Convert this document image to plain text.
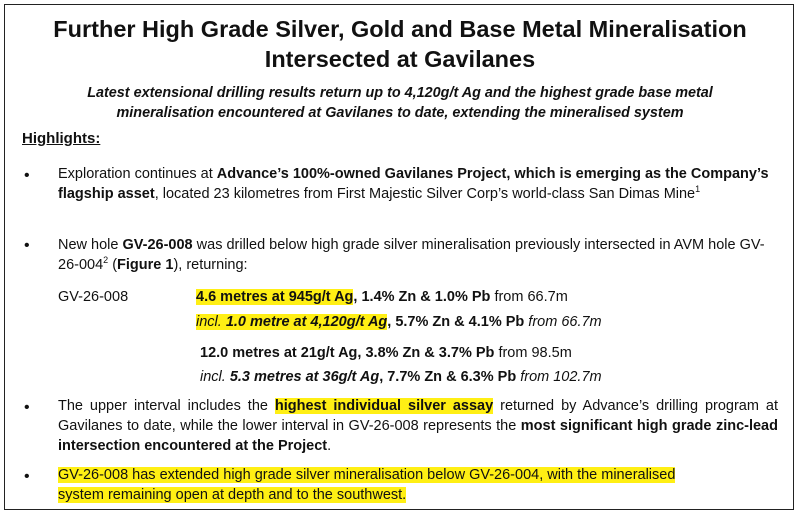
Further High Grade Silver, Gold and Base Metal Mineralisation
Intersected at Gavilanes
Latest extensional drilling results return up to 4,120g/t Ag and the highest grade base metal
mineralisation encountered at Gavilanes to date, extending the mineralised system
Highlights:
• Exploration continues at Advance’s 100%-owned Gavilanes Project, which is emerging as the Company’s flagship asset, located 23 kilometres from First Majestic Silver Corp’s world-class San Dimas Mine$^1$
• New hole GV-26-008 was drilled below high grade silver mineralisation previously intersected in AVM hole $GV-26-004^2$ (Figure 1), returning:
GV-26-008	4.6 metres at 945g/t Ag, 1.4% Zn & 1.0% Pb from 66.7m
incl. 1.0 metre at 4,120g/t Ag, 5.7% Zn & 4.1% Pb from 66.7m
12.0 metres at 21g/t Ag, 3.8% Zn & 3.7% Pb from 98.5m
incl. 5.3 metres at 36g/t Ag, 7.7% Zn & 6.3% Pb from 102.7m
• The upper interval includes the highest individual silver assay returned by Advance’s drilling program at Gavilanes to date, while the lower interval in GV-26-008 represents the most significant high grade zinc-lead intersection encountered at the Project.
• GV-26-008 has extended high grade silver mineralisation below GV-26-004, with the mineralised
system remaining open at depth and to the southwest.
